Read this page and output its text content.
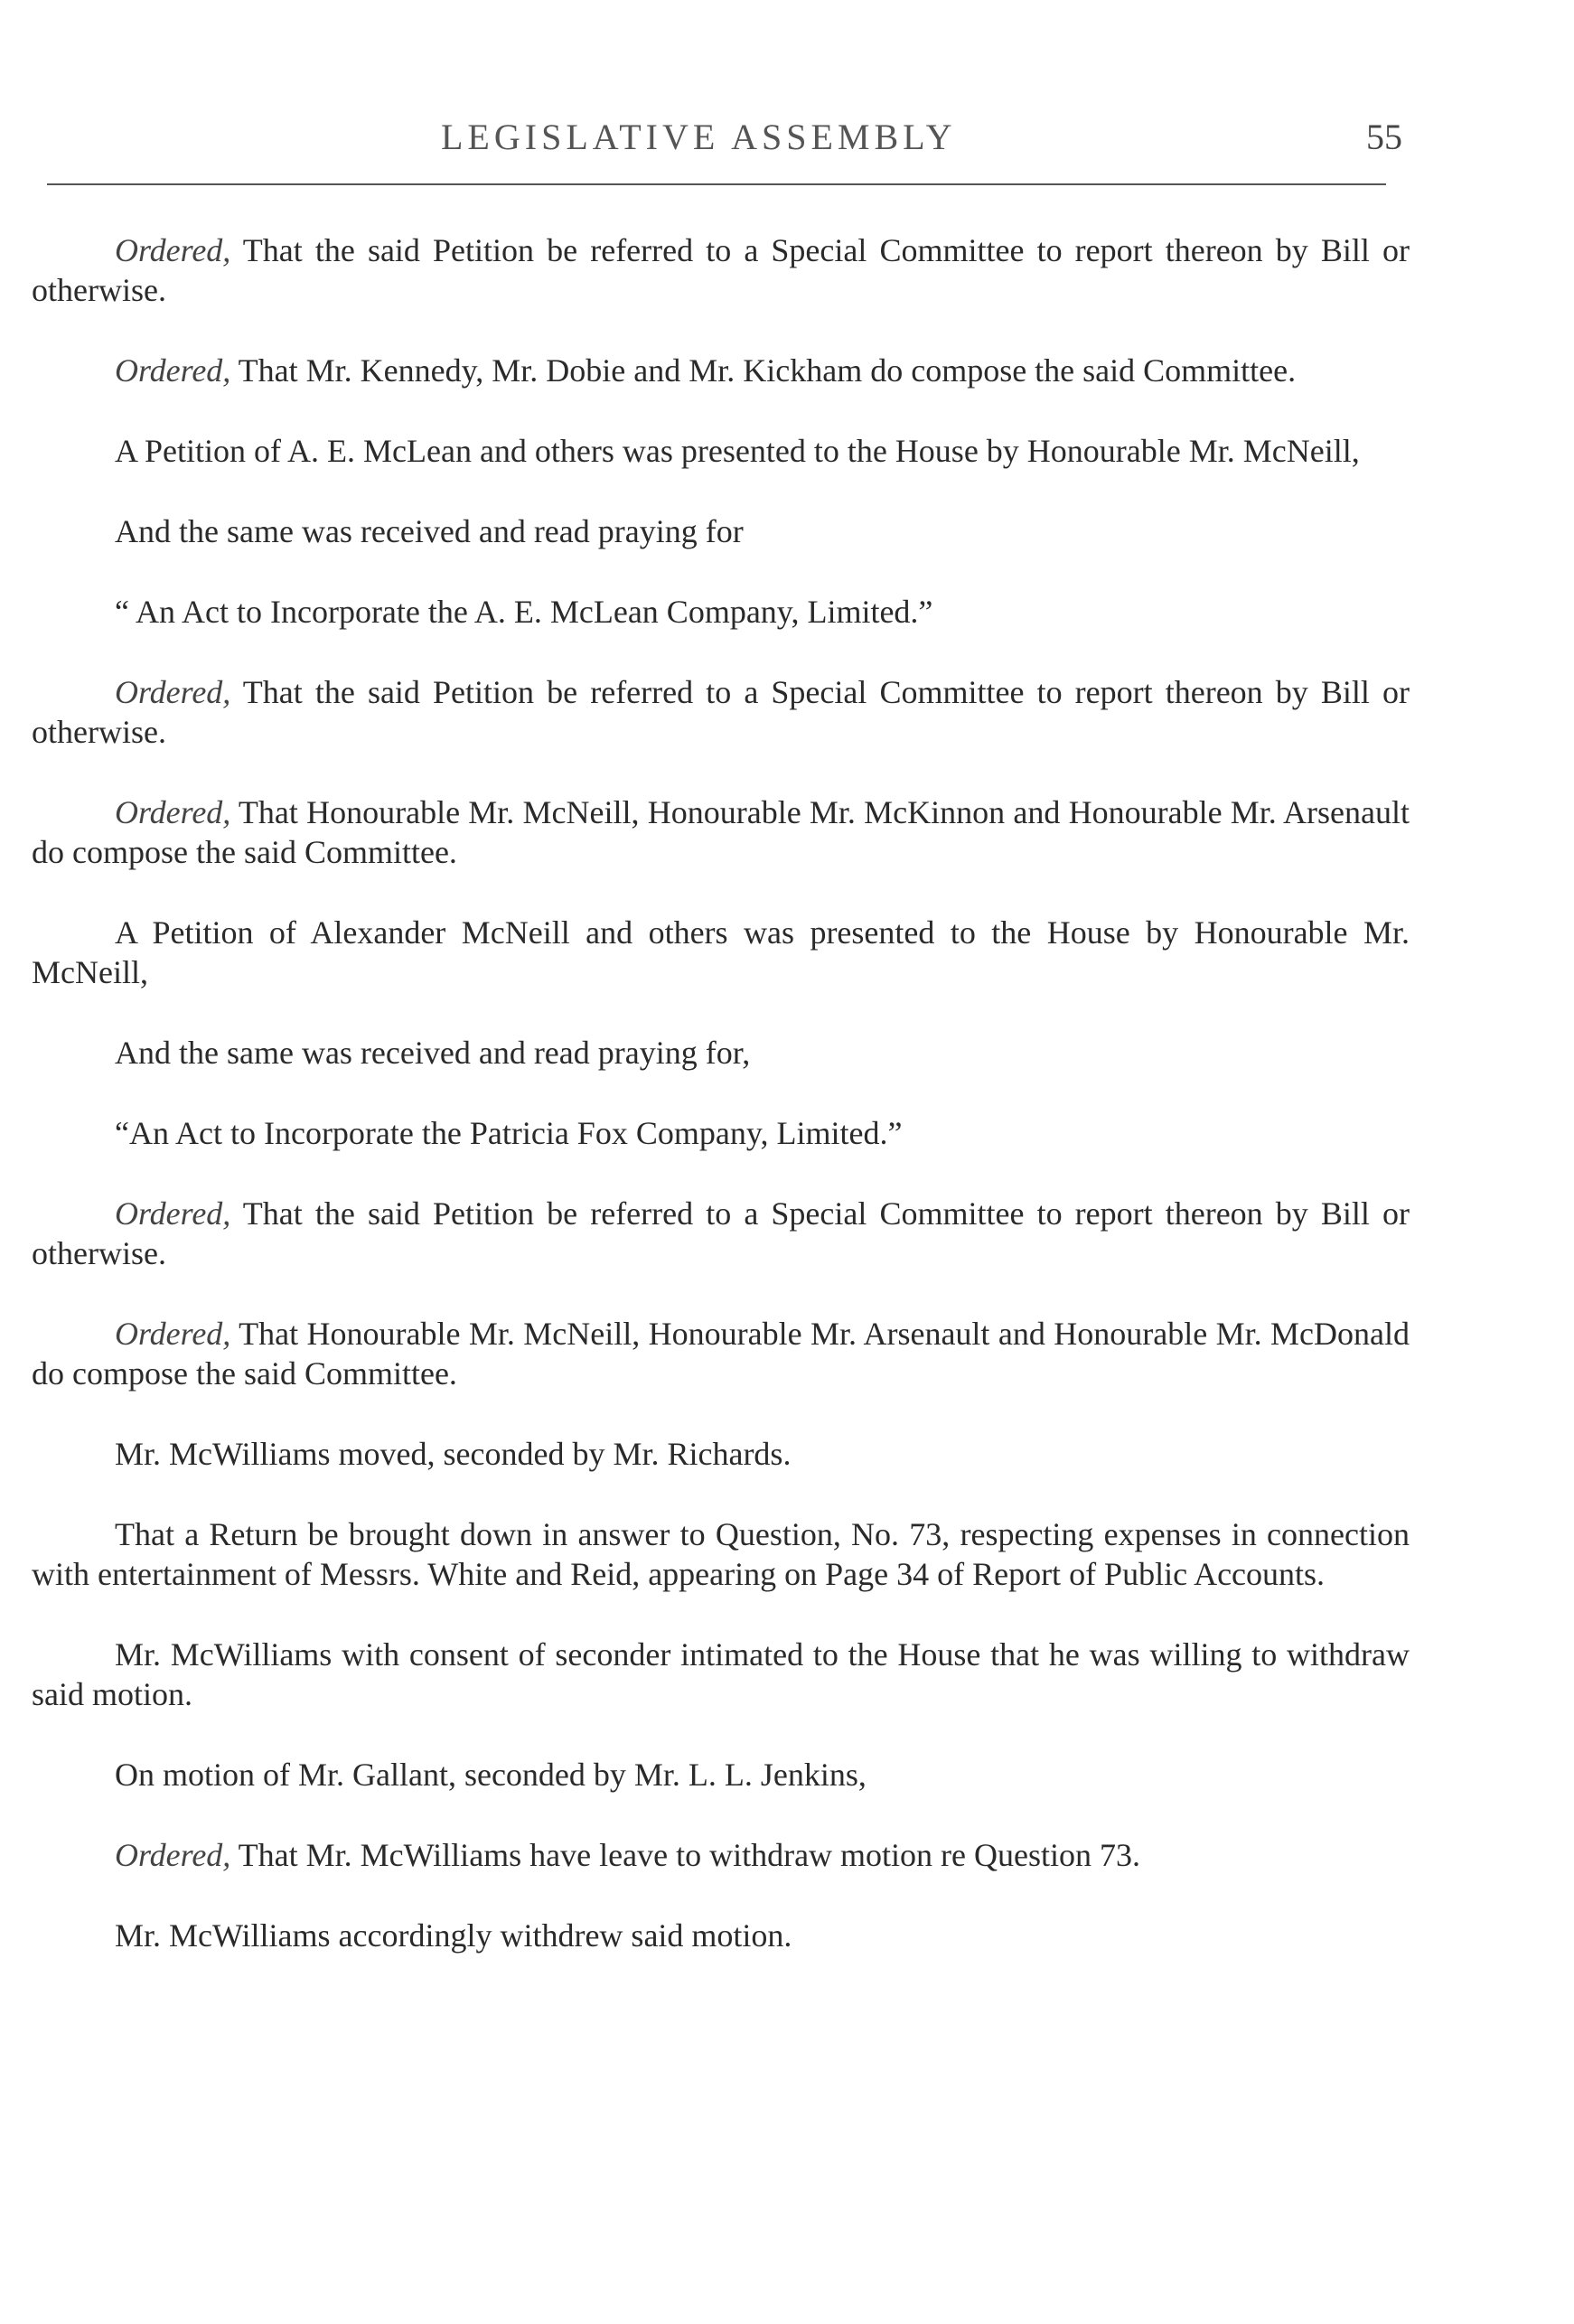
LEGISLATIVE ASSEMBLY	55

Ordered, That the said Petition be referred to a Special Committee to report thereon by Bill or otherwise.

Ordered, That Mr. Kennedy, Mr. Dobie and Mr. Kickham do compose the said Committee.

A Petition of A. E. McLean and others was presented to the House by Honourable Mr. McNeill,

And the same was received and read praying for

“ An Act to Incorporate the A. E. McLean Company, Limited.”

Ordered, That the said Petition be referred to a Special Committee to report thereon by Bill or otherwise.

Ordered, That Honourable Mr. McNeill, Honourable Mr. McKinnon and Honourable Mr. Arsenault do compose the said Committee.

A Petition of Alexander McNeill and others was presented to the House by Honourable Mr. McNeill,

And the same was received and read praying for,

“An Act to Incorporate the Patricia Fox Company, Limited.”

Ordered, That the said Petition be referred to a Special Committee to report thereon by Bill or otherwise.

Ordered, That Honourable Mr. McNeill, Honourable Mr. Arsenault and Honourable Mr. McDonald do compose the said Committee.

Mr. McWilliams moved, seconded by Mr. Richards.

That a Return be brought down in answer to Question, No. 73, respecting expenses in connection with entertainment of Messrs. White and Reid, appearing on Page 34 of Report of Public Accounts.

Mr. McWilliams with consent of seconder intimated to the House that he was willing to withdraw said motion.

On motion of Mr. Gallant, seconded by Mr. L. L. Jenkins,

Ordered, That Mr. McWilliams have leave to withdraw motion re Question 73.

Mr. McWilliams accordingly withdrew said motion.
